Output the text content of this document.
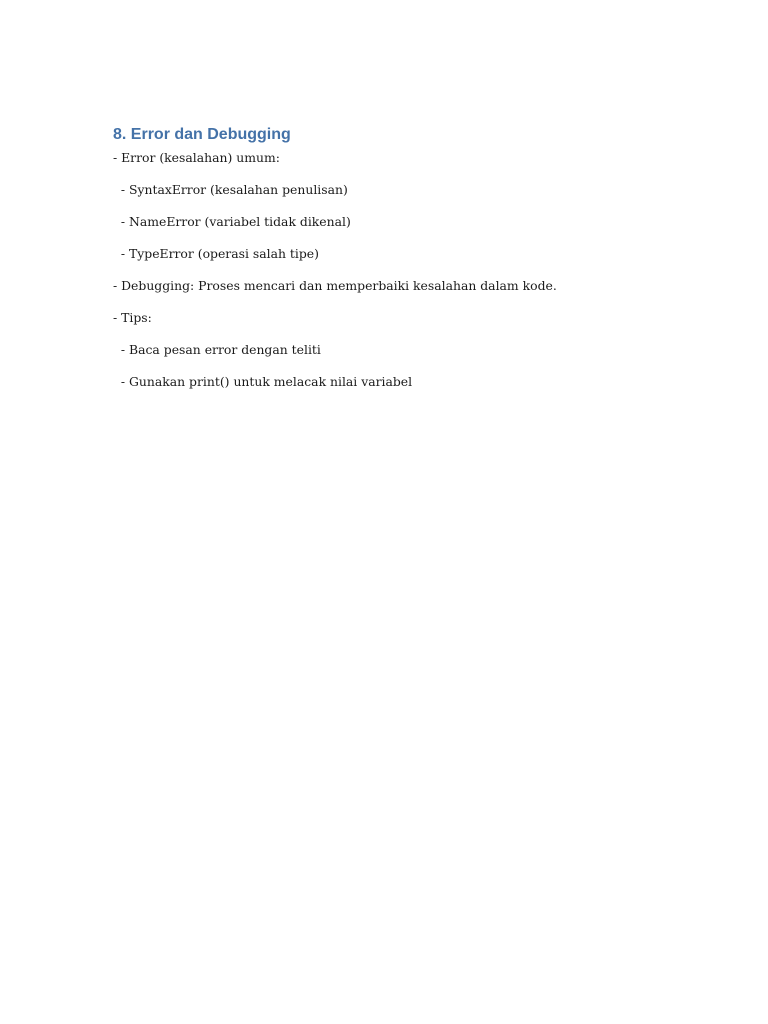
8. Error dan Debugging

- Error (kesalahan) umum:

- SyntaxError (kesalahan penulisan)

- NameError (variabel tidak dikenal)

- TypeError (operasi salah tipe)

- Debugging: Proses mencari dan memperbaiki kesalahan dalam kode.

- Tips:

- Baca pesan error dengan teliti

- Gunakan print() untuk melacak nilai variabel
